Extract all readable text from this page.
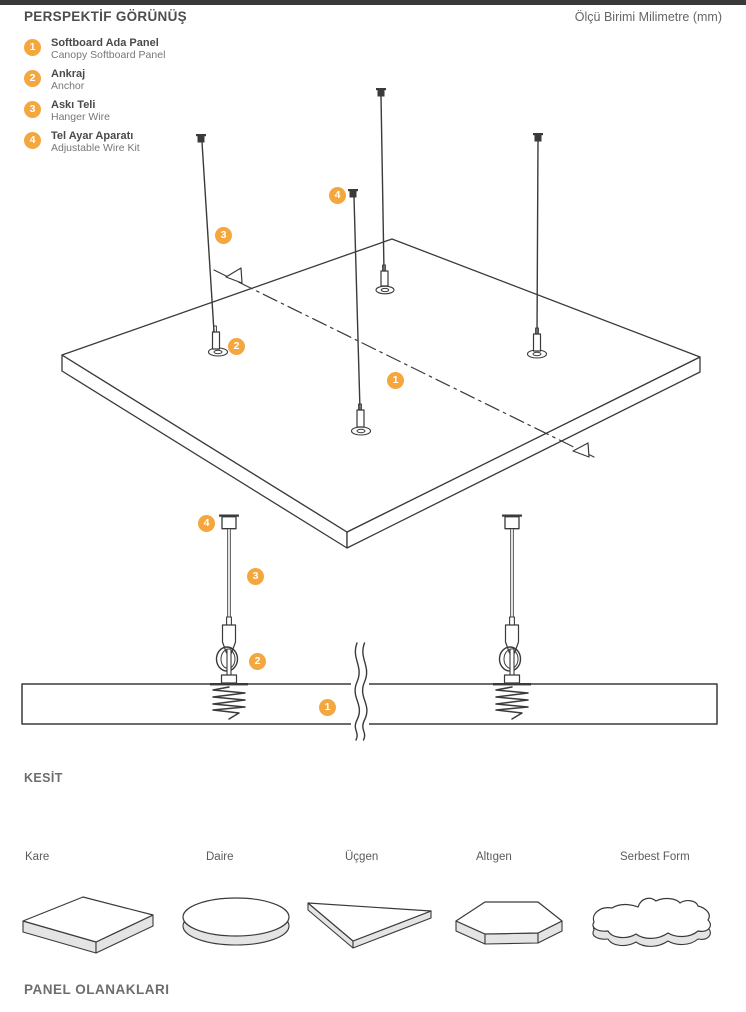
PERSPEKTİF GÖRÜNÜŞ	Ölçü Birimi Milimetre (mm)
1	Softboard Ada Panel
Canopy Softboard Panel
2	Ankraj
Anchor
3	Askı Teli
Hanger Wire
4	Tel Ayar Aparatı
Adjustable Wire Kit
4
3
2
1
4
3
2
1
KESİT
Kare	Daire	Üçgen	Altıgen	Serbest Form
PANEL OLANAKLARI
